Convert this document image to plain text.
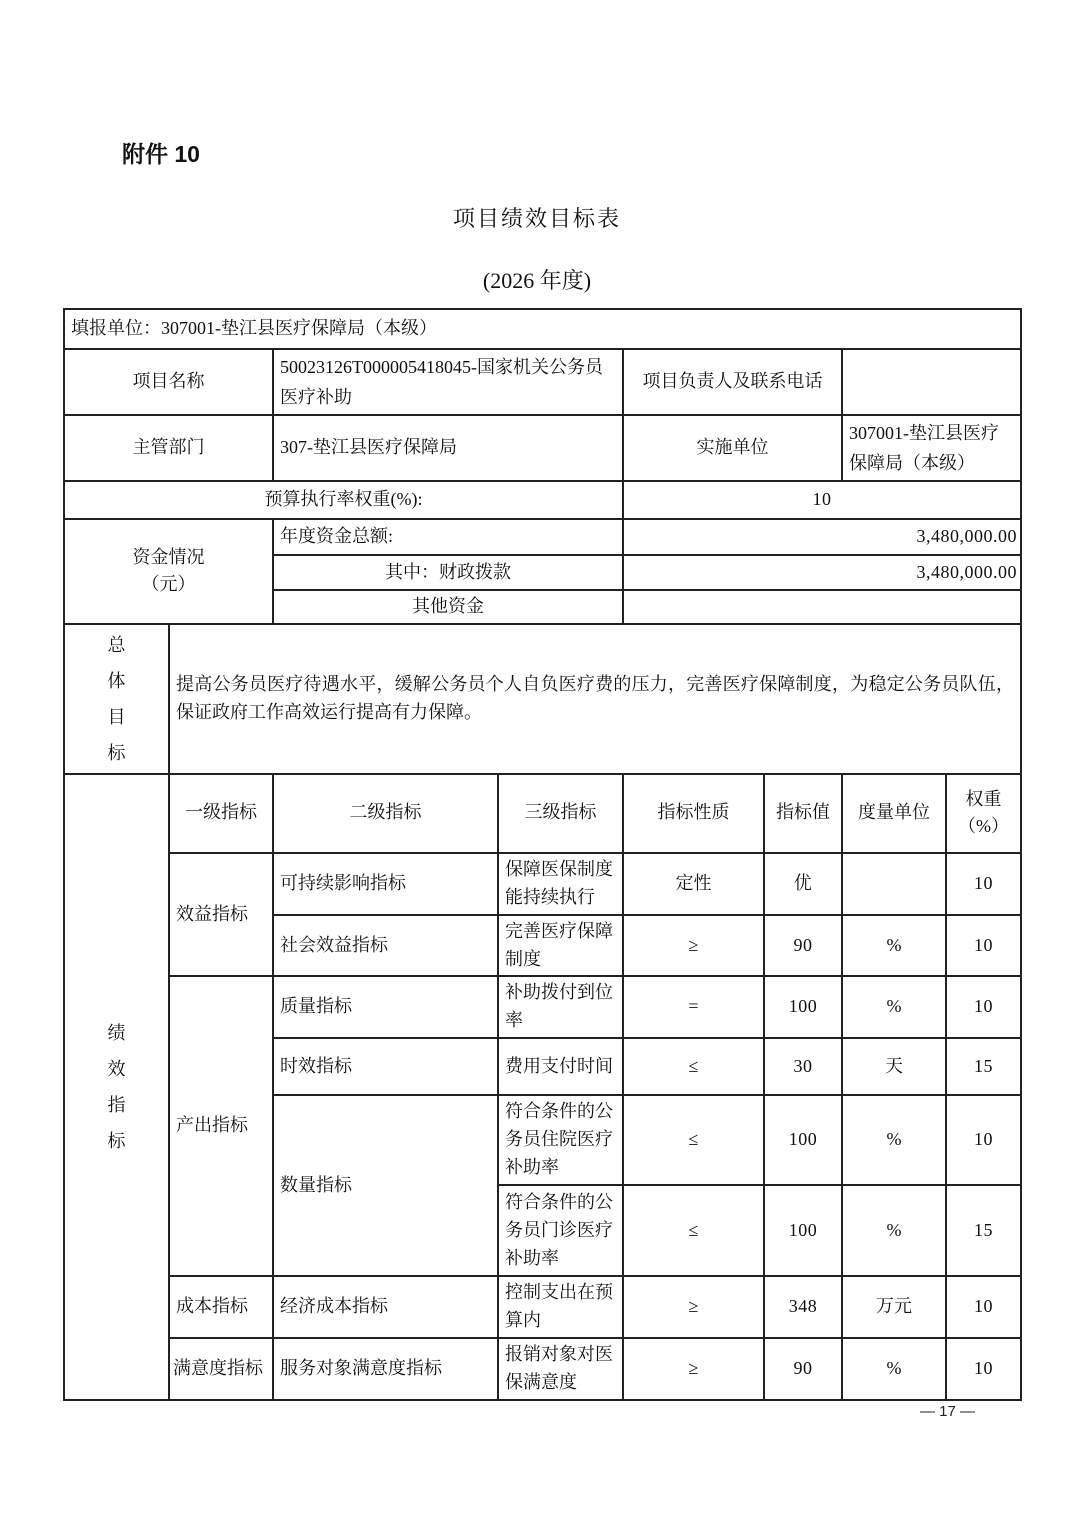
附件 10
项目绩效目标表
(2026 年度)
填报单位：307001-垫江县医疗保障局（本级）							
项目名称		50023126T000005418045-国家机关公务员医疗补助		项目负责人及联系电话			
主管部门		307-垫江县医疗保障局		实施单位		307001-垫江县医疗保障局（本级）	
预算执行率权重(%):				10			

资金情况
（元）		年度资金总额:		3,480,000.00			
		其中：财政拨款		3,480,000.00			
		其他资金					

总体目标	提高公务员医疗待遇水平，缓解公务员个人自负医疗费的压力，完善医疗保障制度，为稳定公务员队伍，保证政府工作高效运行提高有力保障。						

绩效指标	一级指标	二级指标	三级指标	指标性质	指标值	度量单位	权重（%）
	效益指标	可持续影响指标	保障医保制度能持续执行	定性	优		10
		社会效益指标	完善医疗保障制度	≥	90	%	10
	产出指标	质量指标	补助拨付到位率	=	100	%	10
		时效指标	费用支付时间	≤	30	天	15
		数量指标	符合条件的公务员住院医疗补助率	≤	100	%	10
			符合条件的公务员门诊医疗补助率	≤	100	%	15
	成本指标	经济成本指标	控制支出在预算内	≥	348	万元	10
	满意度指标	服务对象满意度指标	报销对象对医保满意度	≥	90	%	10
— 17 —
